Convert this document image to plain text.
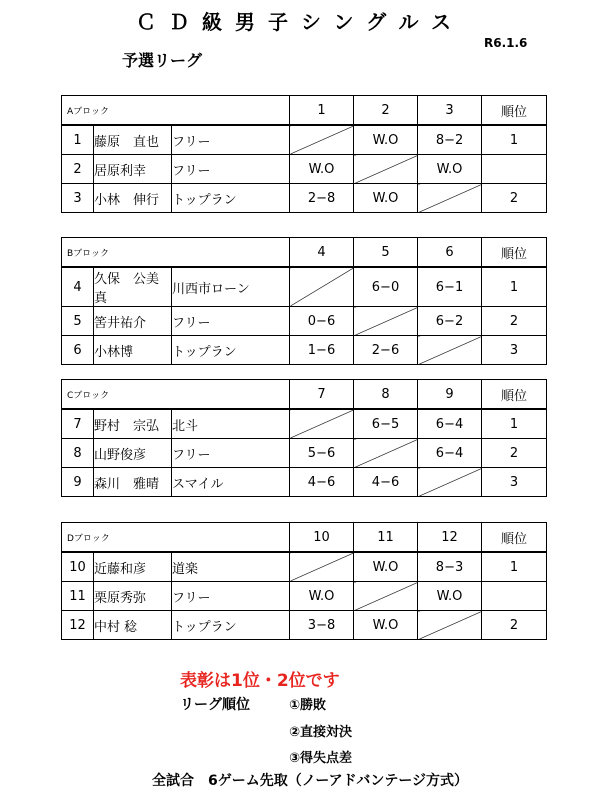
ＣＤ級男子シングルス
予選リーグ
R6.1.6
Aブロック			1	2	3	順位
1	藤原　直也	フリー		W.O	8−2	1
2	居原利幸	フリー	W.O		W.O	
3	小林　伸行	トップラン	2−8	W.O		2
Bブロック			4	5	6	順位
4	久保　公美真	川西市ローン		6−0	6−1	1
5	筈井祐介	フリー	0−6		6−2	2
6	小林博	トップラン	1−6	2−6		3
Cブロック			7	8	9	順位
7	野村　宗弘	北斗		6−5	6−4	1
8	山野俊彦	フリー	5−6		6−4	2
9	森川　雅晴	スマイル	4−6	4−6		3
Dブロック			10	11	12	順位
10	近藤和彦	道楽		W.O	8−3	1
11	栗原秀弥	フリー	W.O		W.O	
12	中村 稔	トップラン	3−8	W.O		2
表彰は1位・2位です
リーグ順位	①勝敗
②直接対決
③得失点差
全試合　6ゲーム先取（ノーアドバンテージ方式）
